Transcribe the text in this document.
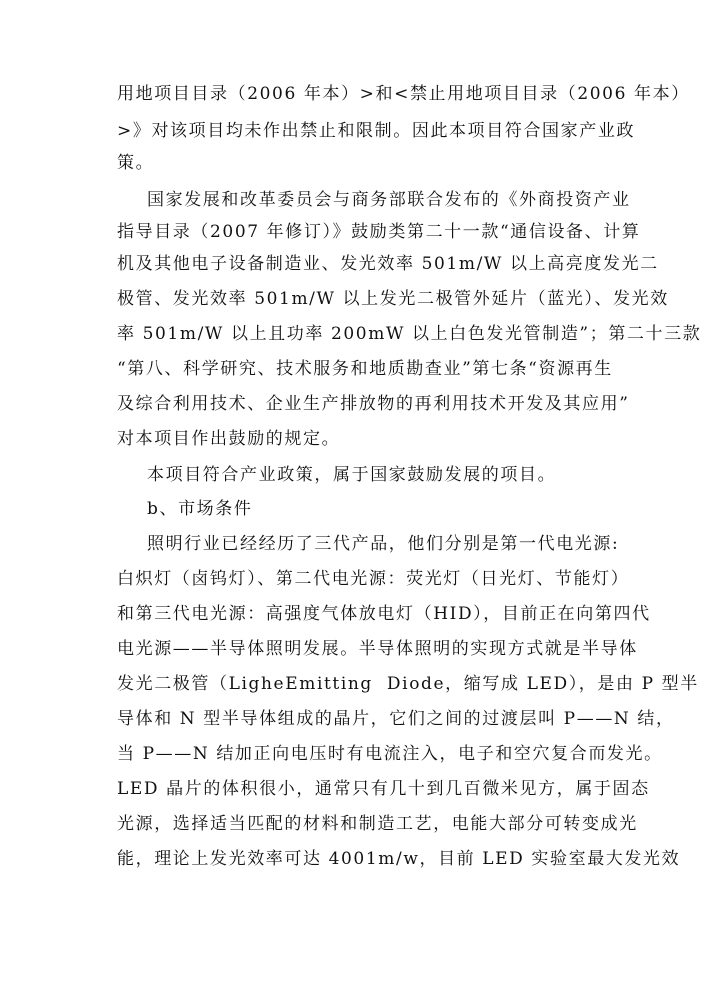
用地项目目录（2006 年本）>和<禁止用地项目目录（2006 年本）
>》对该项目均未作出禁止和限制。因此本项目符合国家产业政
策。
国家发展和改革委员会与商务部联合发布的《外商投资产业
指导目录（2007 年修订）》鼓励类第二十一款“通信设备、计算
机及其他电子设备制造业、发光效率 501m/W 以上高亮度发光二
极管、发光效率 501m/W 以上发光二极管外延片（蓝光）、发光效
率 501m/W 以上且功率 200mW 以上白色发光管制造”；第二十三款
“第八、科学研究、技术服务和地质勘查业”第七条“资源再生
及综合利用技术、企业生产排放物的再利用技术开发及其应用”
对本项目作出鼓励的规定。
本项目符合产业政策，属于国家鼓励发展的项目。
b、市场条件
照明行业已经经历了三代产品，他们分别是第一代电光源:
白炽灯（卤钨灯）、第二代电光源：荧光灯（日光灯、节能灯）
和第三代电光源：高强度气体放电灯（HID），目前正在向第四代
电光源——半导体照明发展。半导体照明的实现方式就是半导体
发光二极管（LigheEmitting  Diode，缩写成 LED），是由 P 型半
导体和 N 型半导体组成的晶片，它们之间的过渡层叫 P——N 结，
当 P——N 结加正向电压时有电流注入，电子和空穴复合而发光。
LED 晶片的体积很小，通常只有几十到几百微米见方，属于固态
光源，选择适当匹配的材料和制造工艺，电能大部分可转变成光
能，理论上发光效率可达 4001m/w，目前 LED 实验室最大发光效
